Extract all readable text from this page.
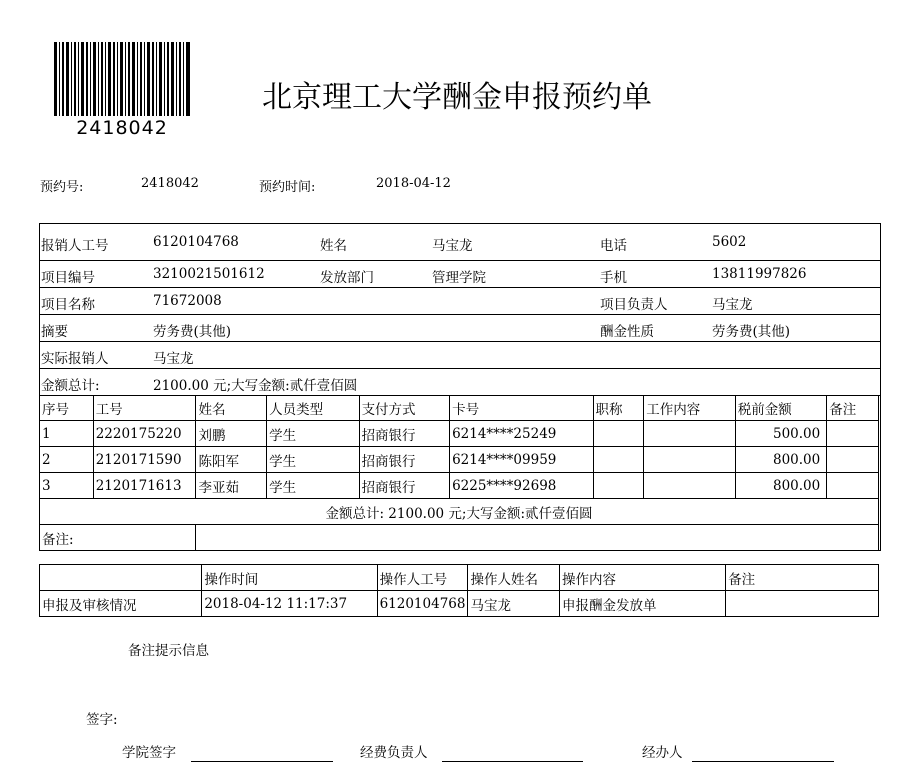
2418042
北京理工大学酬金申报预约单
预约号:	2418042	预约时间:	2018-04-12
报销人工号	6120104768	姓名	马宝龙	电话	5602
项目编号	3210021501612	发放部门	管理学院	手机	13811997826
项目名称	71672008	项目负责人	马宝龙
摘要	劳务费(其他)	酬金性质	劳务费(其他)
实际报销人	马宝龙
金额总计:	2100.00 元;大写金额:贰仟壹佰圆
序号	工号	姓名	人员类型	支付方式	卡号	职称	工作内容	税前金额	备注
1	2220175220	刘鹏	学生	招商银行	6214****25249			500.00	
2	2120171590	陈阳军	学生	招商银行	6214****09959			800.00	
3	2120171613	李亚茹	学生	招商银行	6225****92698			800.00	
金额总计: 2100.00 元;大写金额:贰仟壹佰圆									
备注:									
	操作时间	操作人工号	操作人姓名	操作内容	备注
申报及审核情况	2018-04-12 11:17:37	6120104768	马宝龙	申报酬金发放单	
备注提示信息
签字:
学院签字	经费负责人	经办人
